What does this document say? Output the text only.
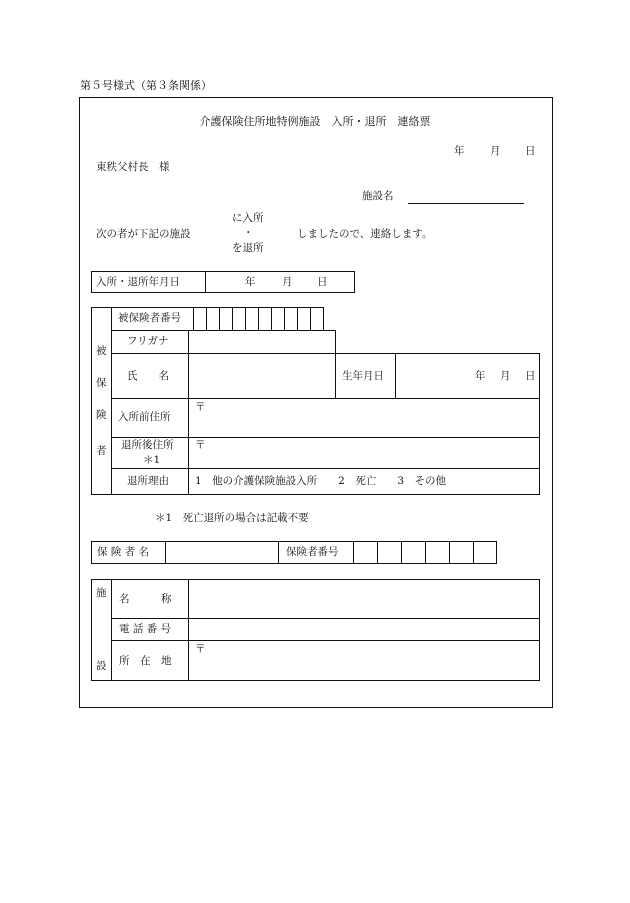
第５号様式（第３条関係）
介護保険住所地特例施設　入所・退所　連絡票
年 月 日
東秩父村長　様
施設名
次の者が下記の施設
に入所
・
を退所
しましたので、連絡します。
入所・退所年月日	年	月 日
被
保
険
者
被保険者番号
フリガナ
氏　　名	生年月日	年 月 日
入所前住所
〒
退所後住所
＊1
〒
退所理由 1　他の介護保険施設入所　　2　死亡　　3　その他
＊1　死亡退所の場合は記載不要
保 険 者 名	保険者番号
施
設
名　　　称
電 話 番 号
所　在　地
〒
